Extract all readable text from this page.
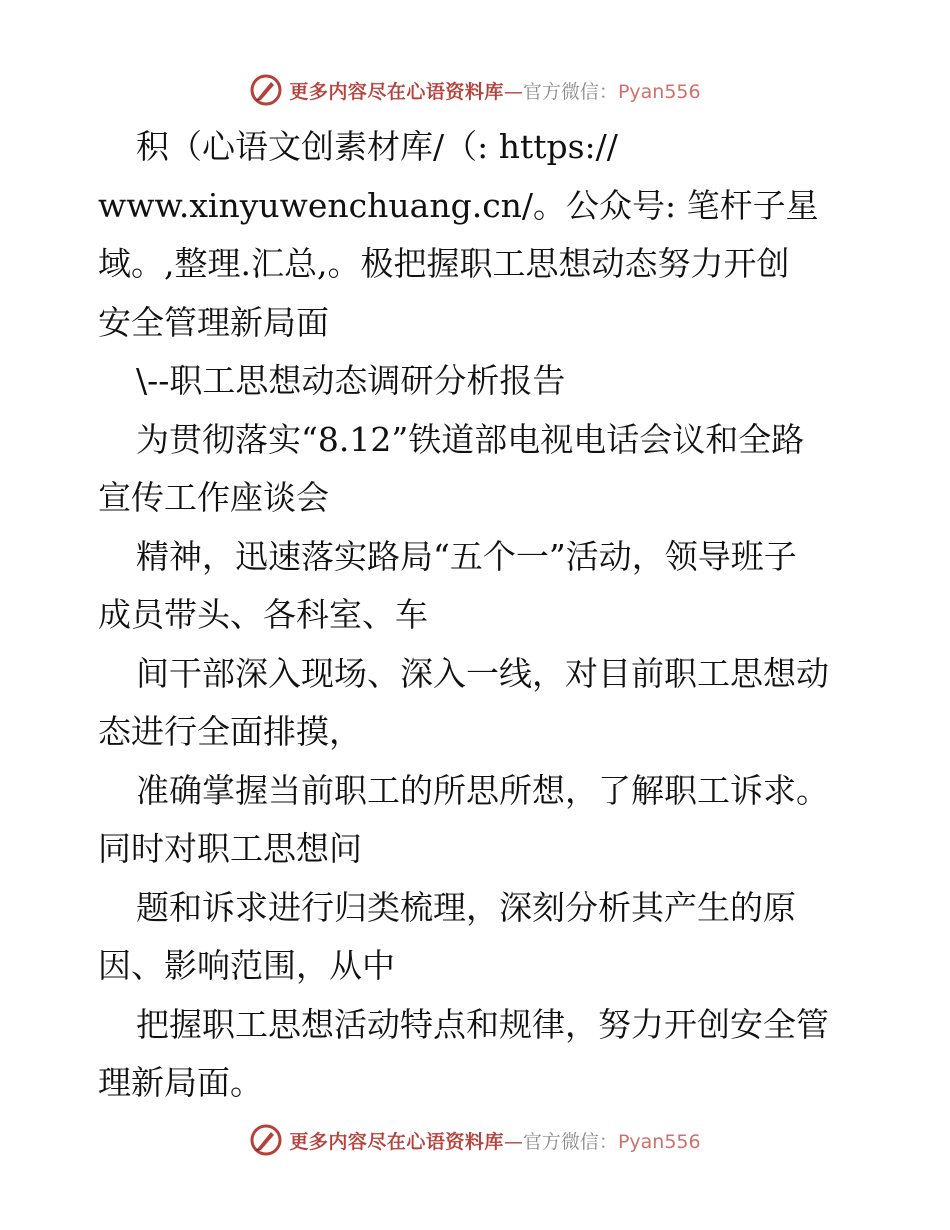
更多内容尽在心语资料库—官方微信：Pyan556

积（心语文创素材库/（: https://

www.xinyuwenchuang.cn/。公众号: 笔杆子星

域。,整理.汇总,。极把握职工思想动态努力开创

安全管理新局面

\--职工思想动态调研分析报告

为贯彻落实“8.12”铁道部电视电话会议和全路

宣传工作座谈会

精神，迅速落实路局“五个一”活动，领导班子

成员带头、各科室、车

间干部深入现场、深入一线，对目前职工思想动

态进行全面排摸，

准确掌握当前职工的所思所想，了解职工诉求。

同时对职工思想问

题和诉求进行归类梳理，深刻分析其产生的原

因、影响范围，从中

把握职工思想活动特点和规律，努力开创安全管

理新局面。

更多内容尽在心语资料库—官方微信：Pyan556
